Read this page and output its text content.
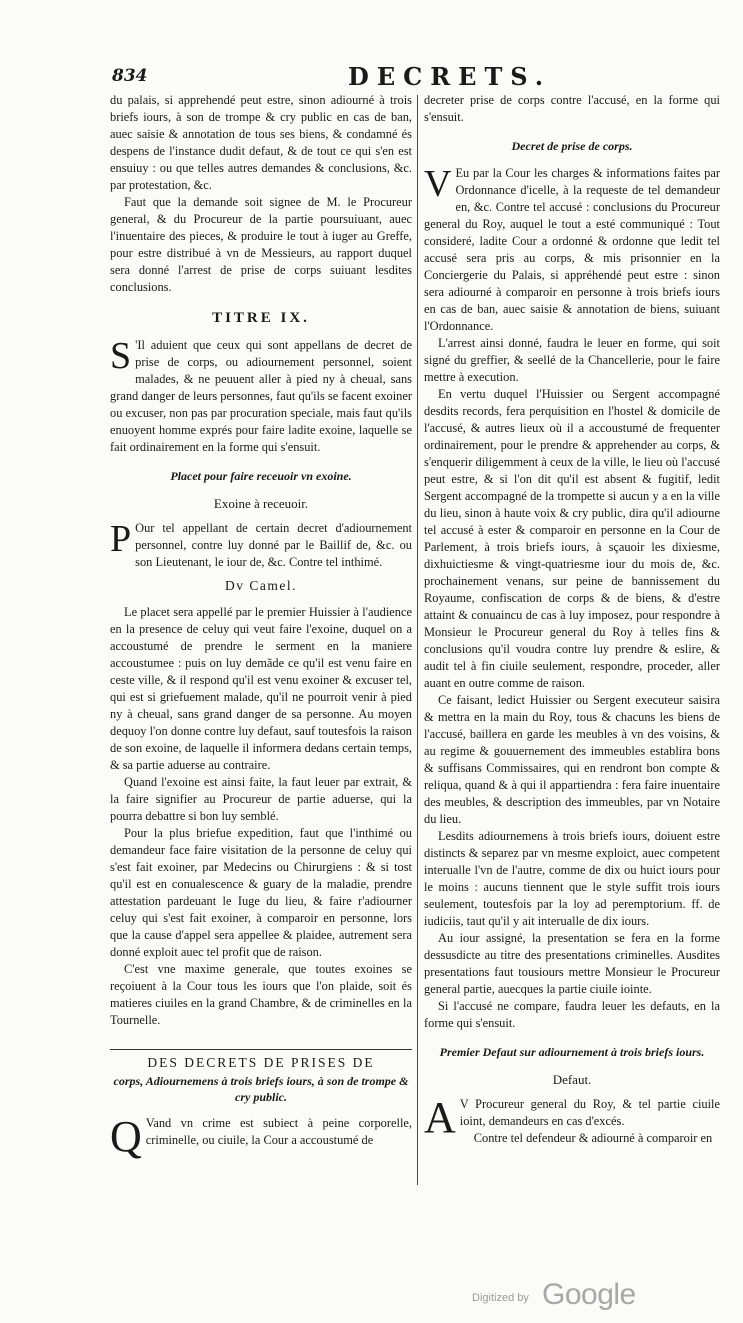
834	DECRETS.

du palais, si apprehendé peut estre, sinon adiourné à trois briefs iours, à son de trompe & cry public en cas de ban, auec saisie & annotation de tous ses biens, & condamné és despens de l'instance dudit defaut, & de tout ce qui s'en est ensuiuy : ou que telles autres demandes & conclusions, &c. par protestation, &c.

Faut que la demande soit signee de M. le Procureur general, & du Procureur de la partie poursuiuant, auec l'inuentaire des pieces, & produire le tout à iuger au Greffe, pour estre distribué à vn de Messieurs, au rapport duquel sera donné l'arrest de prise de corps suiuant lesdites conclusions.

TITRE IX.

S 'Il aduient que ceux qui sont appellans de decret de prise de corps, ou adiournement personnel, soient malades, & ne peuuent aller à pied ny à cheual, sans grand danger de leurs personnes, faut qu'ils se facent exoiner ou excuser, non pas par procuration speciale, mais faut qu'ils enuoyent homme exprés pour faire ladite exoine, laquelle se fait ordinairement en la forme qui s'ensuit.

Placet pour faire receuoir vn exoine.
Exoine à receuoir.

P Our tel appellant de certain decret d'adiournement personnel, contre luy donné par le Baillif de, &c. ou son Lieutenant, le iour de, &c. Contre tel inthimé.

Dv Camel.

Le placet sera appellé par le premier Huissier à l'audience en la presence de celuy qui veut faire l'exoine, duquel on a accoustumé de prendre le serment en la maniere accoustumee : puis on luy demãde ce qu'il est venu faire en ceste ville, & il respond qu'il est venu exoiner & excuser tel, qui est si griefuement malade, qu'il ne pourroit venir à pied ny à cheual, sans grand danger de sa personne. Au moyen dequoy l'on donne contre luy defaut, sauf toutesfois la raison de son exoine, de laquelle il informera dedans certain temps, & sa partie aduerse au contraire.

Quand l'exoine est ainsi faite, la faut leuer par extrait, & la faire signifier au Procureur de partie aduerse, qui la pourra debattre si bon luy semblé.

Pour la plus briefue expedition, faut que l'inthimé ou demandeur face faire visitation de la personne de celuy qui s'est fait exoiner, par Medecins ou Chirurgiens : & si tost qu'il est en conualescence & guary de la maladie, prendre attestation pardeuant le Iuge du lieu, & faire r'adiourner celuy qui s'est fait exoiner, à comparoir en personne, lors que la cause d'appel sera appellee & plaidee, autrement sera donné exploit auec tel profit que de raison.

C'est vne maxime generale, que toutes exoines se reçoiuent à la Cour tous les iours que l'on plaide, soit és matieres ciuiles en la grand Chambre, & de criminelles en la Tournelle.

DES DECRETS DE PRISES DE
corps, Adiournemens à trois briefs iours, à son de trompe & cry public.

Q Vand vn crime est subiect à peine corporelle, criminelle, ou ciuile, la Cour a accoustumé de

decreter prise de corps contre l'accusé, en la forme qui s'ensuit.

Decret de prise de corps.

V Eu par la Cour les charges & informations faites par Ordonnance d'icelle, à la requeste de tel demandeur en, &c. Contre tel accusé : conclusions du Procureur general du Roy, auquel le tout a esté communiqué : Tout consideré, ladite Cour a ordonné & ordonne que ledit tel accusé sera pris au corps, & mis prisonnier en la Conciergerie du Palais, si appréhendé peut estre : sinon sera adiourné à comparoir en personne à trois briefs iours en cas de ban, auec saisie & annotation de biens, suiuant l'Ordonnance.

L'arrest ainsi donné, faudra le leuer en forme, qui soit signé du greffier, & seellé de la Chancellerie, pour le faire mettre à execution.

En vertu duquel l'Huissier ou Sergent accompagné desdits records, fera perquisition en l'hostel & domicile de l'accusé, & autres lieux où il a accoustumé de frequenter ordinairement, pour le prendre & apprehender au corps, & s'enquerir diligemment à ceux de la ville, le lieu où l'accusé peut estre, & si l'on dit qu'il est absent & fugitif, ledit Sergent accompagné de la trompette si aucun y a en la ville du lieu, sinon à haute voix & cry public, dira qu'il adiourne tel accusé à ester & comparoir en personne en la Cour de Parlement, à trois briefs iours, à sçauoir les dixiesme, dixhuictiesme & vingt-quatriesme iour du mois de, &c. prochainement venans, sur peine de bannissement du Royaume, confiscation de corps & de biens, & d'estre attaint & conuaincu de cas à luy imposez, pour respondre à Monsieur le Procureur general du Roy à telles fins & conclusions qu'il voudra contre luy prendre & eslire, & audit tel à fin ciuile seulement, respondre, proceder, aller auant en outre comme de raison.

Ce faisant, ledict Huissier ou Sergent executeur saisira & mettra en la main du Roy, tous & chacuns les biens de l'accusé, baillera en garde les meubles à vn des voisins, & au regime & gouuernement des immeubles establira bons & suffisans Commissaires, qui en rendront bon compte & reliqua, quand & à qui il appartiendra : fera faire inuentaire des meubles, & description des immeubles, par vn Notaire du lieu.

Lesdits adiournemens à trois briefs iours, doiuent estre distincts & separez par vn mesme exploict, auec competent interualle l'vn de l'autre, comme de dix ou huict iours pour le moins : aucuns tiennent que le style suffit trois iours seulement, toutesfois par la loy ad peremptorium. ff. de iudiciis, taut qu'il y ait interualle de dix iours.

Au iour assigné, la presentation se fera en la forme dessusdicte au titre des presentations criminelles. Ausdites presentations faut tousiours mettre Monsieur le Procureur general partie, auecques la partie ciuile iointe.

Si l'accusé ne compare, faudra leuer les defauts, en la forme qui s'ensuit.

Premier Defaut sur adiournement à trois briefs iours.
Defaut.

A V Procureur general du Roy, & tel partie ciuile ioint, demandeurs en cas d'excés.

Contre tel defendeur & adiourné à comparoir en

Digitized by Google
